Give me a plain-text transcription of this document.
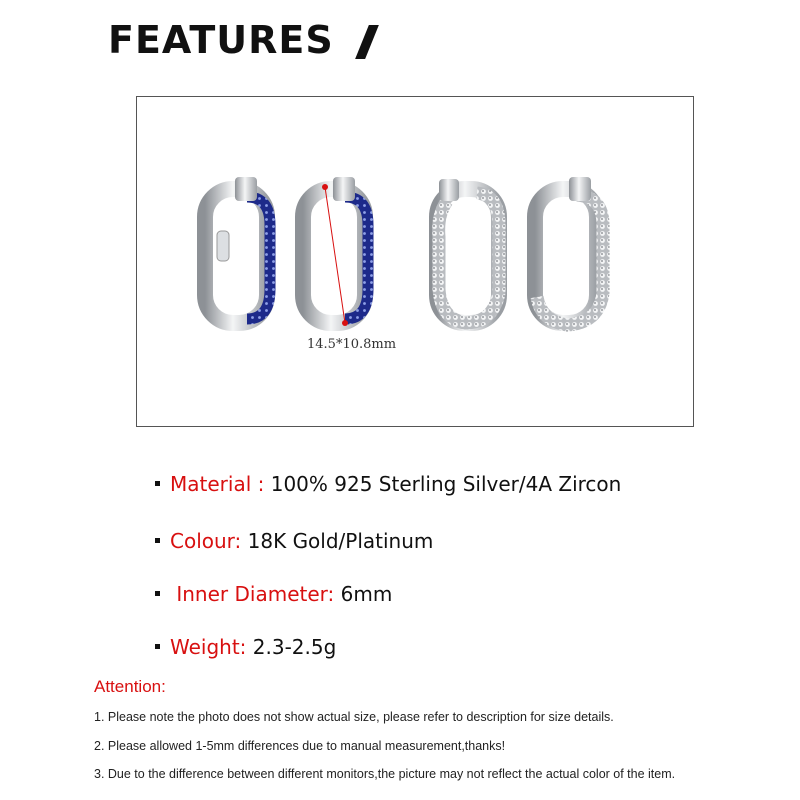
FEATURES
14.5*10.8mm
Material : 100% 925 Sterling Silver/4A Zircon
Colour: 18K Gold/Platinum
Inner Diameter: 6mm
Weight: 2.3-2.5g
Attention:
1. Please note the photo does not show actual size, please refer to description for size details.
2. Please allowed 1-5mm differences due to manual measurement,thanks!
3. Due to the difference between different monitors,the picture may not reflect the actual color of the item.
